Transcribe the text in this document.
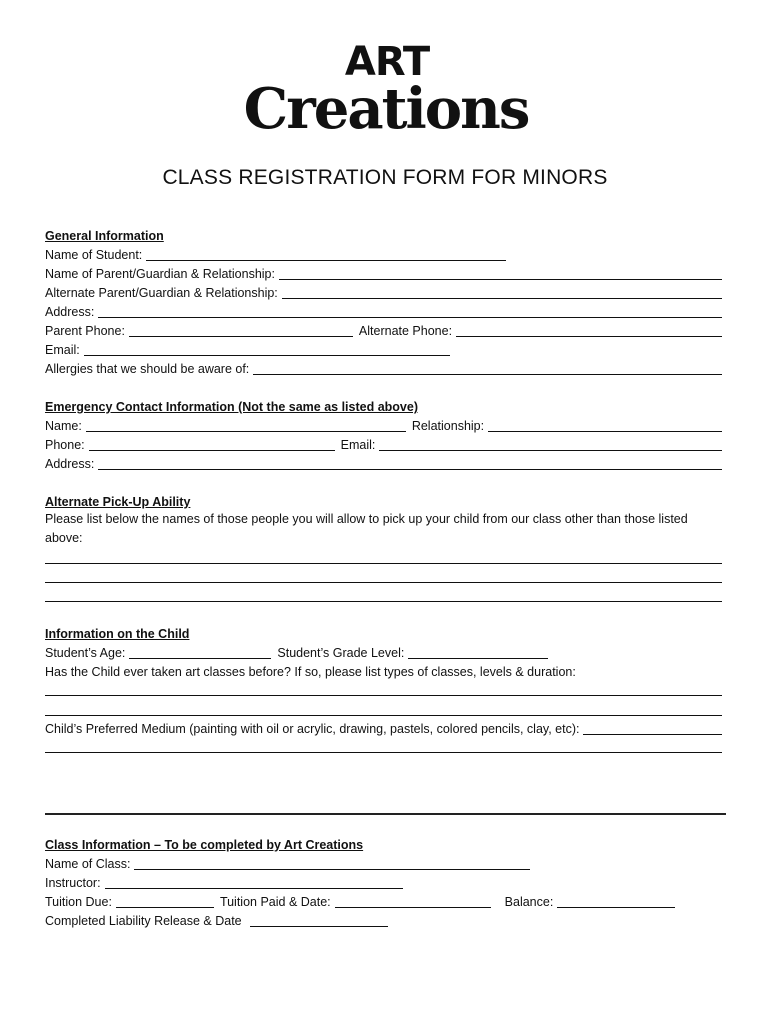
ART
Creations
CLASS REGISTRATION FORM FOR MINORS
General Information
Name of Student:
Name of Parent/Guardian & Relationship:
Alternate Parent/Guardian & Relationship:
Address:
Parent Phone:	Alternate Phone:
Email:
Allergies that we should be aware of:
Emergency Contact Information (Not the same as listed above)
Name:	Relationship:
Phone:	Email:
Address:
Alternate Pick-Up Ability
Please list below the names of those people you will allow to pick up your child from our class other than those listed above:
Information on the Child
Student’s Age:	Student’s Grade Level:
Has the Child ever taken art classes before? If so, please list types of classes, levels & duration:
Child’s Preferred Medium (painting with oil or acrylic, drawing, pastels, colored pencils, clay, etc):
Class Information – To be completed by Art Creations
Name of Class:
Instructor:
Tuition Due:	Tuition Paid & Date:	Balance:
Completed Liability Release & Date
